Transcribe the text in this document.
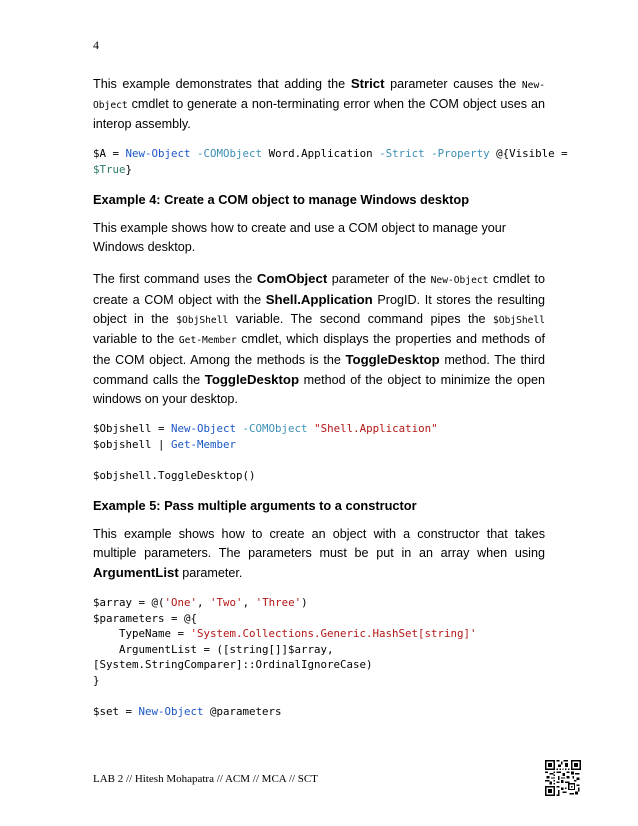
4

This example demonstrates that adding the Strict parameter causes the New-Object cmdlet to generate a non-terminating error when the COM object uses an interop assembly.

$A = New-Object -COMObject Word.Application -Strict -Property @{Visible =
$True}
Example 4: Create a COM object to manage Windows desktop

This example shows how to create and use a COM object to manage your Windows desktop.

The first command uses the ComObject parameter of the New-Object cmdlet to create a COM object with the Shell.Application ProgID. It stores the resulting object in the $ObjShell variable. The second command pipes the $ObjShell variable to the Get-Member cmdlet, which displays the properties and methods of the COM object. Among the methods is the ToggleDesktop method. The third command calls the ToggleDesktop method of the object to minimize the open windows on your desktop.

$Objshell = New-Object -COMObject "Shell.Application"
$objshell | Get-Member

$objshell.ToggleDesktop()
Example 5: Pass multiple arguments to a constructor

This example shows how to create an object with a constructor that takes multiple parameters. The parameters must be put in an array when using ArgumentList parameter.

$array = @('One', 'Two', 'Three')
$parameters = @{
TypeName = 'System.Collections.Generic.HashSet[string]'
ArgumentList = ([string[]]$array,
[System.StringComparer]::OrdinalIgnoreCase)
}

$set = New-Object @parameters
LAB 2 // Hitesh Mohapatra // ACM // MCA // SCT
